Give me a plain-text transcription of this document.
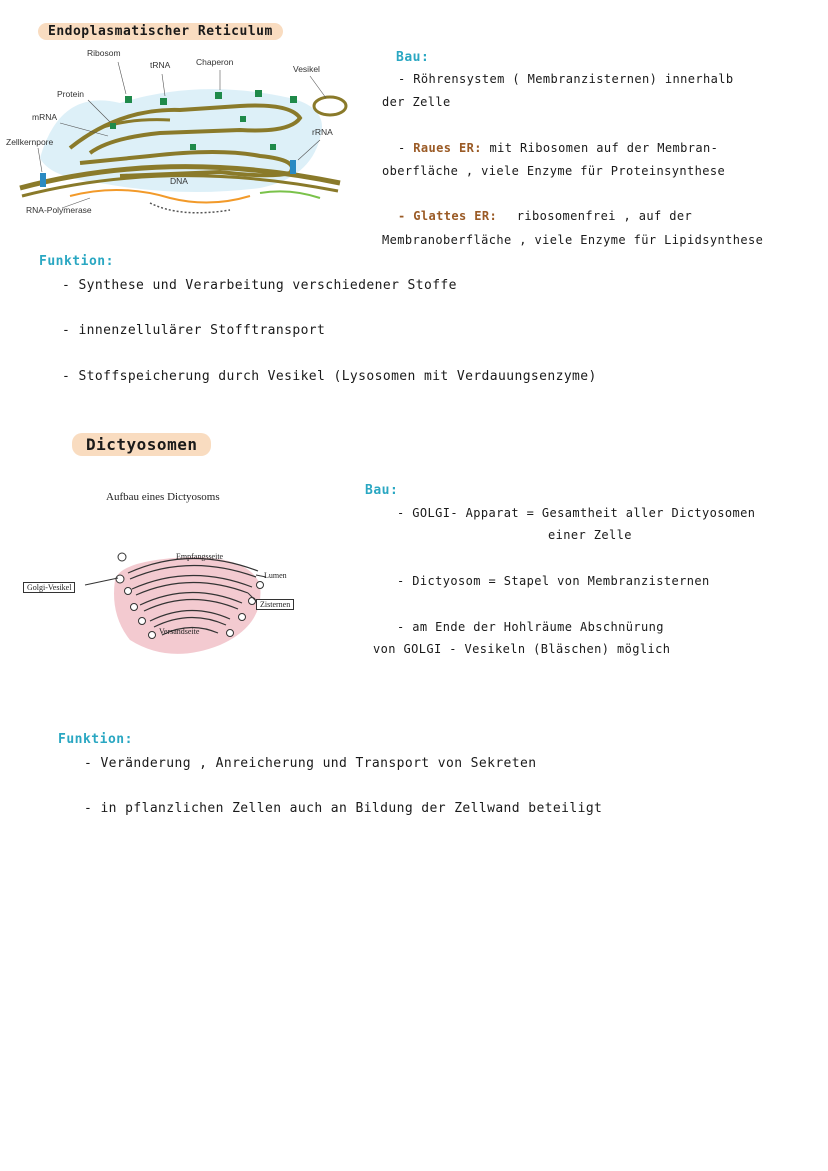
Endoplasmatischer Reticulum
Ribosom
tRNA	Chaperon
Vesikel
Protein
mRNA
rRNA
Zellkernpore
DNA
RNA-Polymerase
Bau:
- Röhrensystem ( Membranzisternen) innerhalb
der Zelle
- Raues ER: mit Ribosomen auf der Membran-
oberfläche , viele Enzyme für Proteinsynthese
- Glattes ER: ribosomenfrei , auf der
Membranoberfläche , viele Enzyme für Lipidsynthese
Funktion:
- Synthese und Verarbeitung verschiedener Stoffe
- innenzellulärer Stofftransport
- Stoffspeicherung durch Vesikel (Lysosomen mit Verdauungsenzyme)
Dictyosomen
Aufbau eines Dictyosoms
Empfangsseite
Lumen
Golgi-Vesikel
Zisternen
Versandseite
Bau:
- GOLGI- Apparat = Gesamtheit aller Dictyosomen
einer Zelle
- Dictyosom = Stapel von Membranzisternen
- am Ende der Hohlräume Abschnürung
von GOLGI - Vesikeln (Bläschen) möglich
Funktion:
- Veränderung , Anreicherung und Transport von Sekreten
- in pflanzlichen Zellen auch an Bildung der Zellwand beteiligt
